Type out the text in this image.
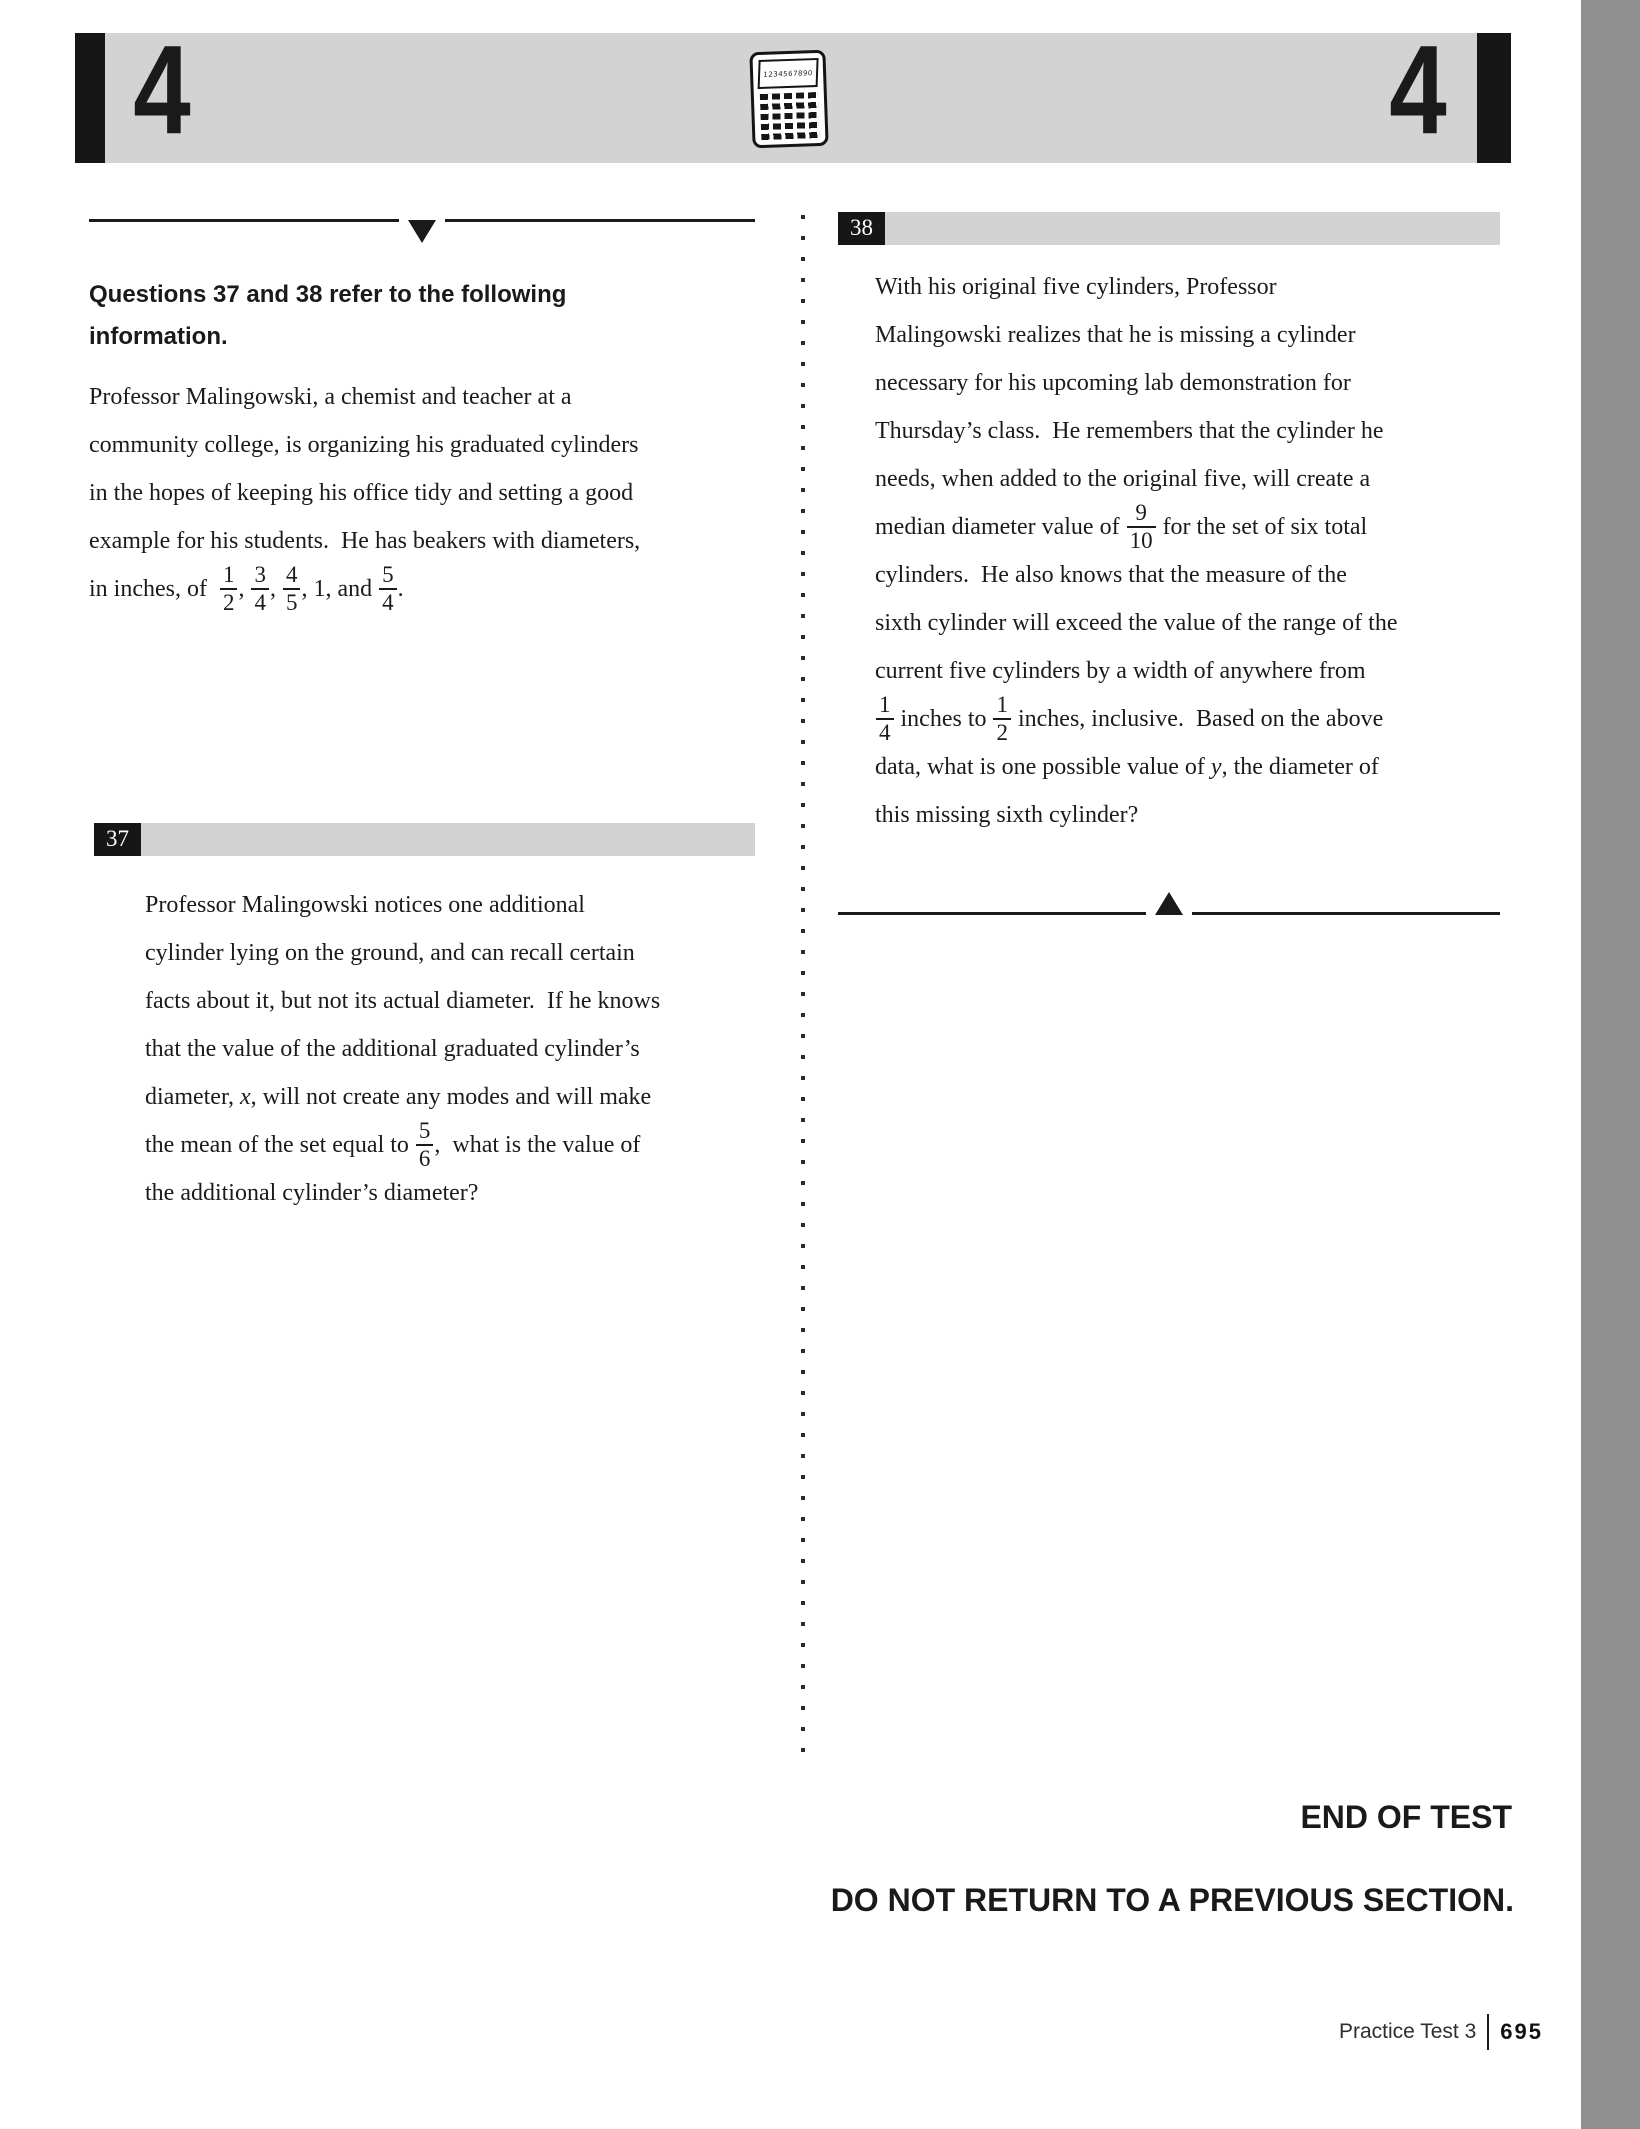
4	4
1234567890
Questions 37 and 38 refer to the following
information.
Professor Malingowski, a chemist and teacher at a
community college, is organizing his graduated cylinders
in the hopes of keeping his office tidy and setting a good
example for his students.  He has beakers with diameters,
in inches, of $\frac{1}{2}$ , $\frac{3}{4}$ , $\frac{4}{5}$ , 1, and $\frac{5}{4}$ .
37
Professor Malingowski notices one additional
cylinder lying on the ground, and can recall certain
facts about it, but not its actual diameter.  If he knows
that the value of the additional graduated cylinder’s
diameter, x , will not create any modes and will make
the mean of the set equal to $\frac{5}{6}$ ,  what is the value of
the additional cylinder’s diameter?
38
With his original five cylinders, Professor
Malingowski realizes that he is missing a cylinder
necessary for his upcoming lab demonstration for
Thursday’s class.  He remembers that the cylinder he
needs, when added to the original five, will create a
median diameter value of $\frac{9}{10}$ for the set of six total
cylinders.  He also knows that the measure of the
sixth cylinder will exceed the value of the range of the
current five cylinders by a width of anywhere from
$\frac{1}{4}$ inches to $\frac{1}{2}$ inches, inclusive.  Based on the above
data, what is one possible value of y , the diameter of
this missing sixth cylinder?
END OF TEST
DO NOT RETURN TO A PREVIOUS SECTION.
Practice Test 3 695
